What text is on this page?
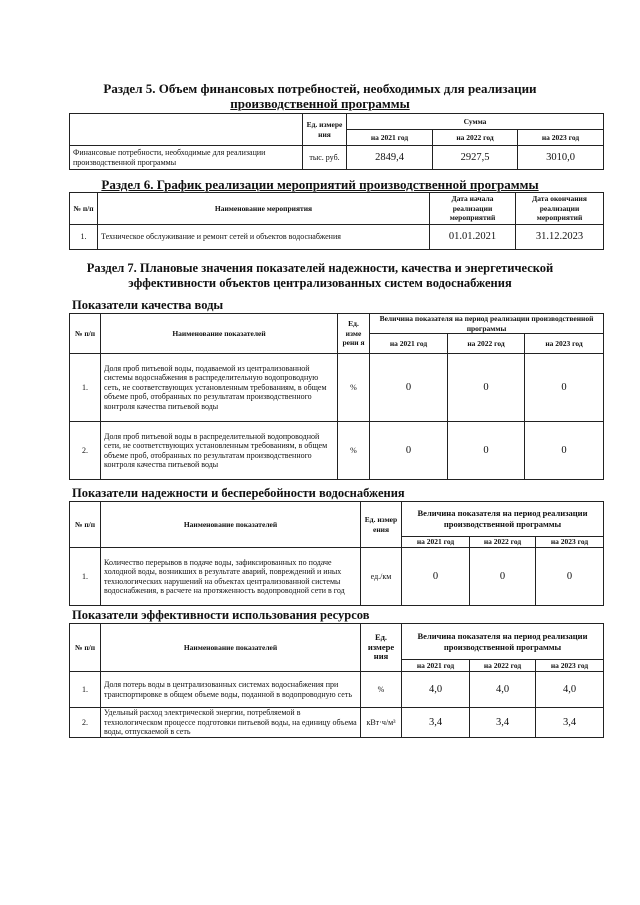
Раздел 5. Объем финансовых потребностей, необходимых для реализации
производственной программы
	Ед. измере ния	Сумма		
		на 2021 год	на 2022 год	на 2023 год
Финансовые потребности, необходимые для реализации производственной программы	тыс. руб.	2849,4	2927,5	3010,0
Раздел 6. График реализации мероприятий производственной программы
№ п/п	Наименование мероприятия	Дата начала реализации мероприятий	Дата окончания реализации мероприятий
1.	Техническое обслуживание и ремонт сетей и объектов водоснабжения	01.01.2021	31.12.2023
Раздел 7. Плановые значения показателей надежности, качества и энергетической
эффективности объектов централизованных систем водоснабжения
Показатели качества воды
№ п/п	Наименование показателей	Ед. изме рени я	Величина показателя на период реализации производственной программы		
			на 2021 год	на 2022 год	на 2023 год
1.	Доля проб питьевой воды, подаваемой из централизованной системы водоснабжения в распределительную водопроводную сеть, не соответствующих установленным требованиям, в общем объеме проб, отобранных по результатам производственного контроля качества питьевой воды	%	0	0	0
2.	Доля проб питьевой воды в распределительной водопроводной сети, не соответствующих установленным требованиям, в общем объеме проб, отобранных по результатам производственного контроля качества питьевой воды	%	0	0	0
Показатели надежности и бесперебойности водоснабжения
№ п/п	Наименование показателей	Ед. измер ения	Величина показателя на период реализации производственной программы		
			на 2021 год	на 2022 год	на 2023 год
1.	Количество перерывов в подаче воды, зафиксированных по подаче холодной воды, возникших в результате аварий, повреждений и иных технологических нарушений на объектах централизованной системы водоснабжения, в расчете на протяженность водопроводной сети в год	ед./км	0	0	0
Показатели эффективности использования ресурсов
№ п/п	Наименование показателей	Ед. измере ния	Величина показателя на период реализации производственной программы		
			на 2021 год	на 2022 год	на 2023 год
1.	Доля потерь воды в централизованных системах водоснабжения при транспортировке в общем объеме воды, поданной в водопроводную сеть	%	4,0	4,0	4,0
2.	Удельный расход электрической энергии, потребляемой в технологическом процессе подготовки питьевой воды, на единицу объема воды, отпускаемой в сеть	кВт·ч/м³	3,4	3,4	3,4
